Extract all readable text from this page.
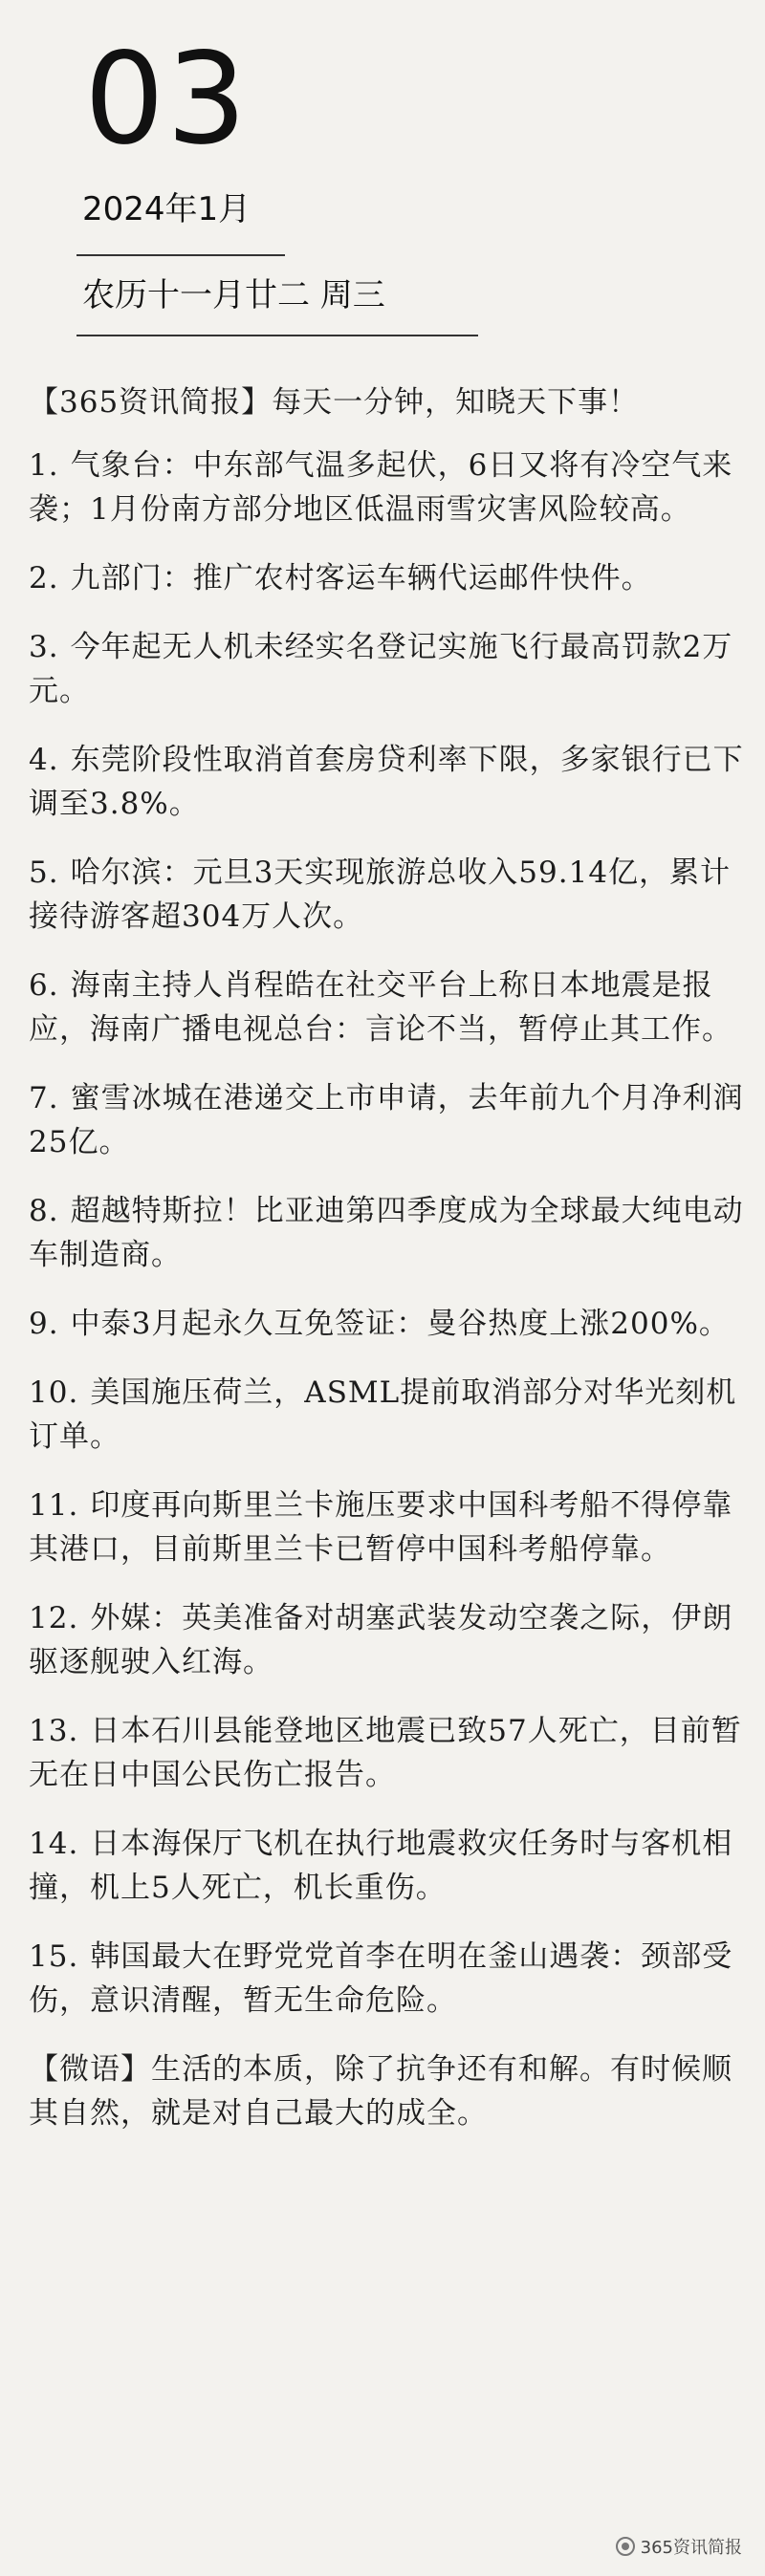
03
2024年1月
农历十一月廿二 周三

【365资讯简报】每天一分钟，知晓天下事！

1. 气象台：中东部气温多起伏，6日又将有冷空气来袭；1月份南方部分地区低温雨雪灾害风险较高。

2. 九部门：推广农村客运车辆代运邮件快件。

3. 今年起无人机未经实名登记实施飞行最高罚款2万元。

4. 东莞阶段性取消首套房贷利率下限，多家银行已下调至3.8%。

5. 哈尔滨：元旦3天实现旅游总收入59.14亿，累计接待游客超304万人次。

6. 海南主持人肖程皓在社交平台上称日本地震是报应，海南广播电视总台：言论不当，暂停止其工作。

7. 蜜雪冰城在港递交上市申请，去年前九个月净利润25亿。

8. 超越特斯拉！比亚迪第四季度成为全球最大纯电动车制造商。

9. 中泰3月起永久互免签证：曼谷热度上涨200%。

10. 美国施压荷兰，ASML提前取消部分对华光刻机订单。

11. 印度再向斯里兰卡施压要求中国科考船不得停靠其港口，目前斯里兰卡已暂停中国科考船停靠。

12. 外媒：英美准备对胡塞武装发动空袭之际，伊朗驱逐舰驶入红海。

13. 日本石川县能登地区地震已致57人死亡，目前暂无在日中国公民伤亡报告。

14. 日本海保厅飞机在执行地震救灾任务时与客机相撞，机上5人死亡，机长重伤。

15. 韩国最大在野党党首李在明在釜山遇袭：颈部受伤，意识清醒，暂无生命危险。

【微语】生活的本质，除了抗争还有和解。有时候顺其自然，就是对自己最大的成全。

365资讯简报
